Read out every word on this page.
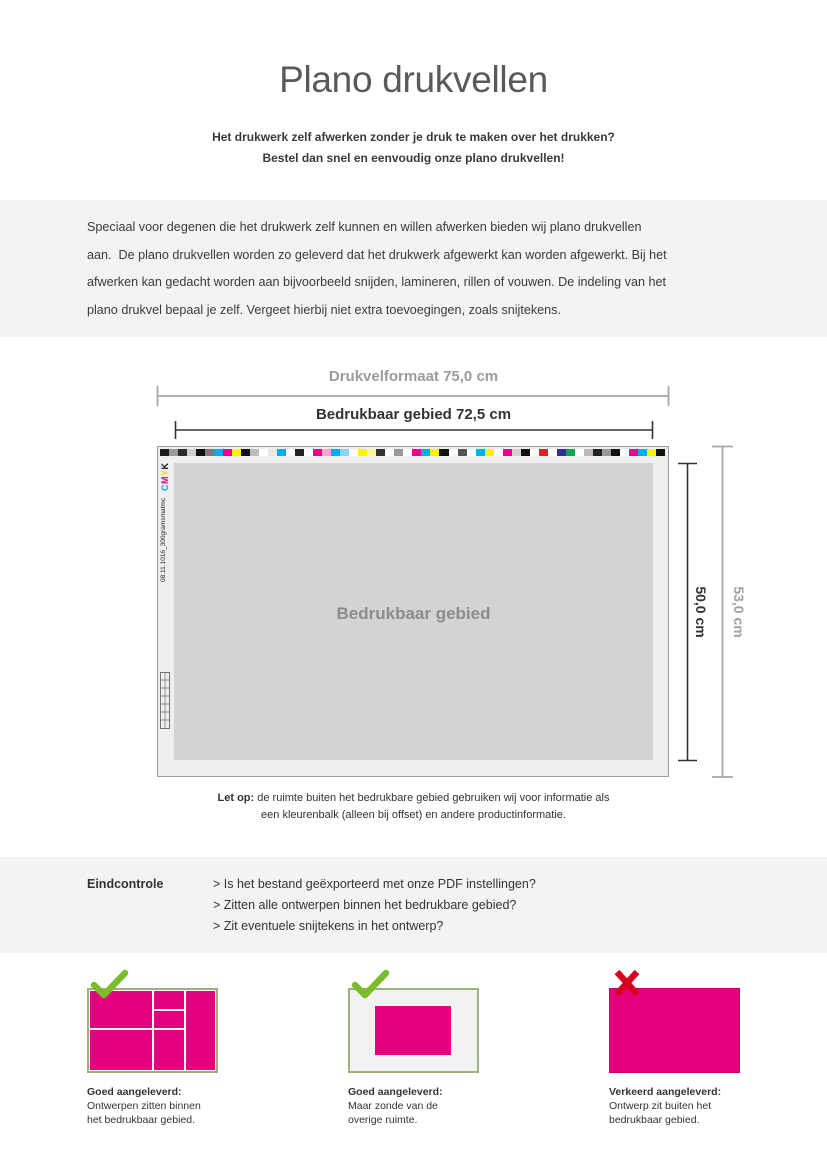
Plano drukvellen
Het drukwerk zelf afwerken zonder je druk te maken over het drukken?
Bestel dan snel en eenvoudig onze plano drukvellen!
Speciaal voor degenen die het drukwerk zelf kunnen en willen afwerken bieden wij plano drukvellen
aan.  De plano drukvellen worden zo geleverd dat het drukwerk afgewerkt kan worden afgewerkt. Bij het
afwerken kan gedacht worden aan bijvoorbeeld snijden, lamineren, rillen of vouwen. De indeling van het
plano drukvel bepaal je zelf. Vergeet hierbij niet extra toevoegingen, zoals snijtekens.
Drukvelformaat 75,0 cm
Bedrukbaar gebied 72,5 cm
CMYK
08.11.1016_300gramsmatmc
Bedrukbaar gebied	50,0 cm 53,0 cm
Let op: de ruimte buiten het bedrukbare gebied gebruiken wij voor informatie als
een kleurenbalk (alleen bij offset) en andere productinformatie.
Eindcontrole	> Is het bestand geëxporteerd met onze PDF instellingen?
> Zitten alle ontwerpen binnen het bedrukbare gebied?
> Zit eventuele snijtekens in het ontwerp?
Goed aangeleverd:
Ontwerpen zitten binnen
het bedrukbaar gebied.
Goed aangeleverd:
Maar zonde van de
overige ruimte.
Verkeerd aangeleverd:
Ontwerp zit buiten het
bedrukbaar gebied.
